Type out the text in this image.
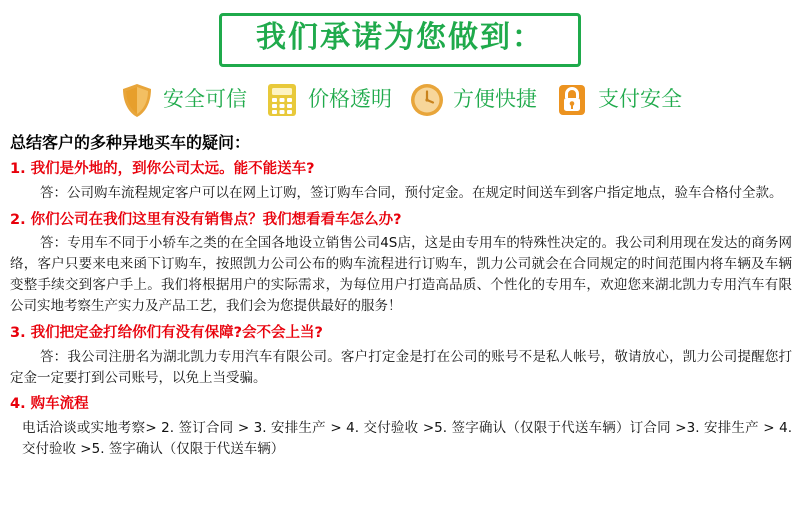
我们承诺为您做到：
安全可信	价格透明	方便快捷	支付安全
总结客户的多种异地买车的疑问：
1. 我们是外地的，到你公司太远。能不能送车?
答：公司购车流程规定客户可以在网上订购，签订购车合同，预付定金。在规定时间送车到客户指定地点，验车合格付全款。
2. 你们公司在我们这里有没有销售点？我们想看看车怎么办?
答：专用车不同于小轿车之类的在全国各地设立销售公司4S店，这是由专用车的特殊性决定的。我公司利用现在发达的商务网络，客户只要来电来函下订购车，按照凯力公司公布的购车流程进行订购车，凯力公司就会在合同规定的时间范围内将车辆及车辆变整手续交到客户手上。我们将根据用户的实际需求，为每位用户打造高品质、个性化的专用车，欢迎您来湖北凯力专用汽车有限公司实地考察生产实力及产品工艺，我们会为您提供最好的服务！
3. 我们把定金打给你们有没有保障?会不会上当?
答：我公司注册名为湖北凯力专用汽车有限公司。客户打定金是打在公司的账号不是私人帐号，敬请放心，凯力公司提醒您打定金一定要打到公司账号，以免上当受骗。
4. 购车流程
电话洽谈或实地考察> 2. 签订合同 > 3. 安排生产 > 4. 交付验收 >5. 签字确认（仅限于代送车辆）订合同 >3. 安排生产 > 4. 交付验收 >5. 签字确认（仅限于代送车辆）
